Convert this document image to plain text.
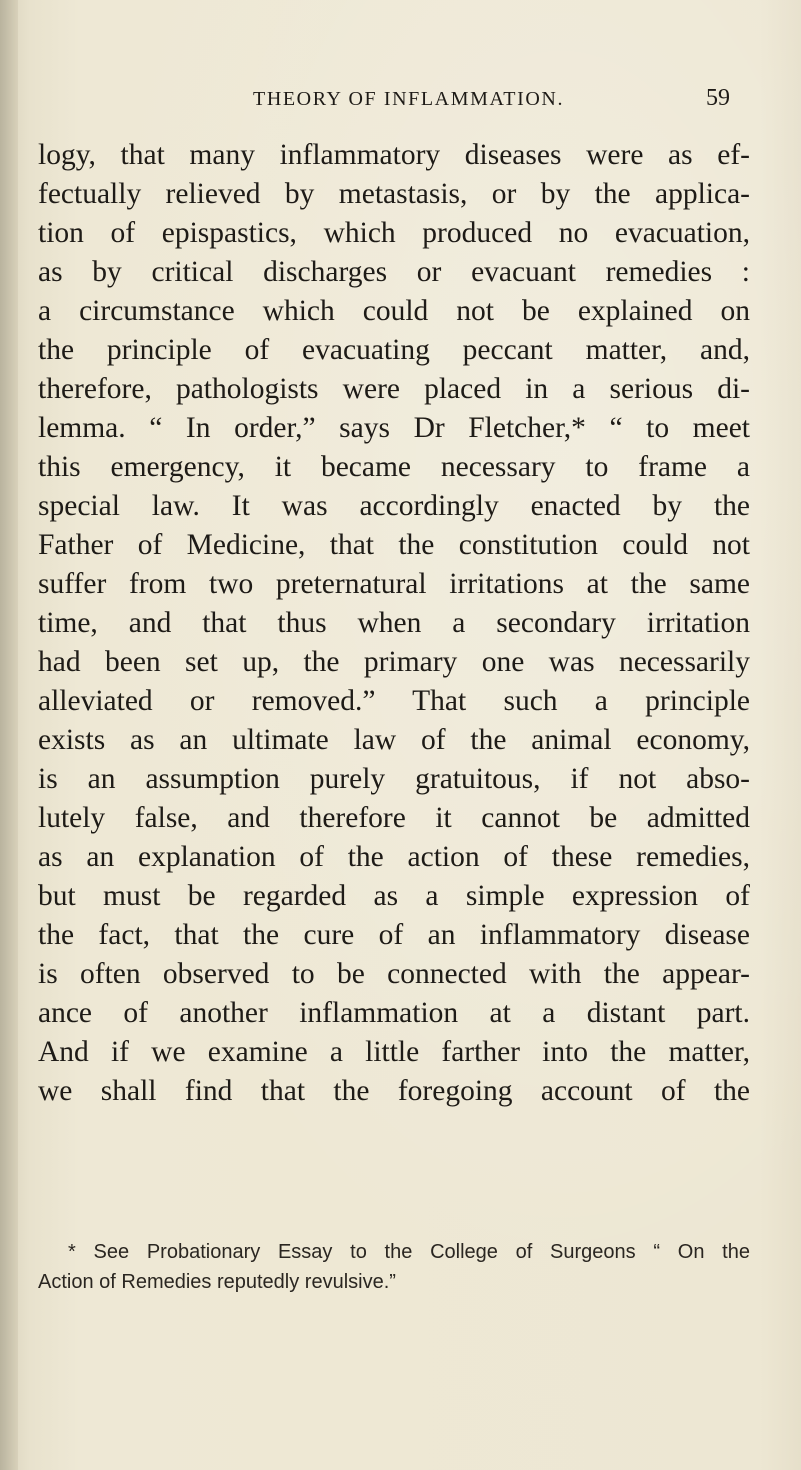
THEORY OF INFLAMMATION.	59
logy, that many inflammatory diseases were as ef-
fectually relieved by metastasis, or by the applica-
tion of epispastics, which produced no evacuation,
as by critical discharges or evacuant remedies :
a circumstance which could not be explained on
the principle of evacuating peccant matter, and,
therefore, pathologists were placed in a serious di-
lemma. “ In order,” says Dr Fletcher,* “ to meet
this emergency, it became necessary to frame a
special law. It was accordingly enacted by the
Father of Medicine, that the constitution could not
suffer from two preternatural irritations at the same
time, and that thus when a secondary irritation
had been set up, the primary one was necessarily
alleviated or removed.” That such a principle
exists as an ultimate law of the animal economy,
is an assumption purely gratuitous, if not abso-
lutely false, and therefore it cannot be admitted
as an explanation of the action of these remedies,
but must be regarded as a simple expression of
the fact, that the cure of an inflammatory disease
is often observed to be connected with the appear-
ance of another inflammation at a distant part.
And if we examine a little farther into the matter,
we shall find that the foregoing account of the
* See Probationary Essay to the College of Surgeons “ On the
Action of Remedies reputedly revulsive.”
